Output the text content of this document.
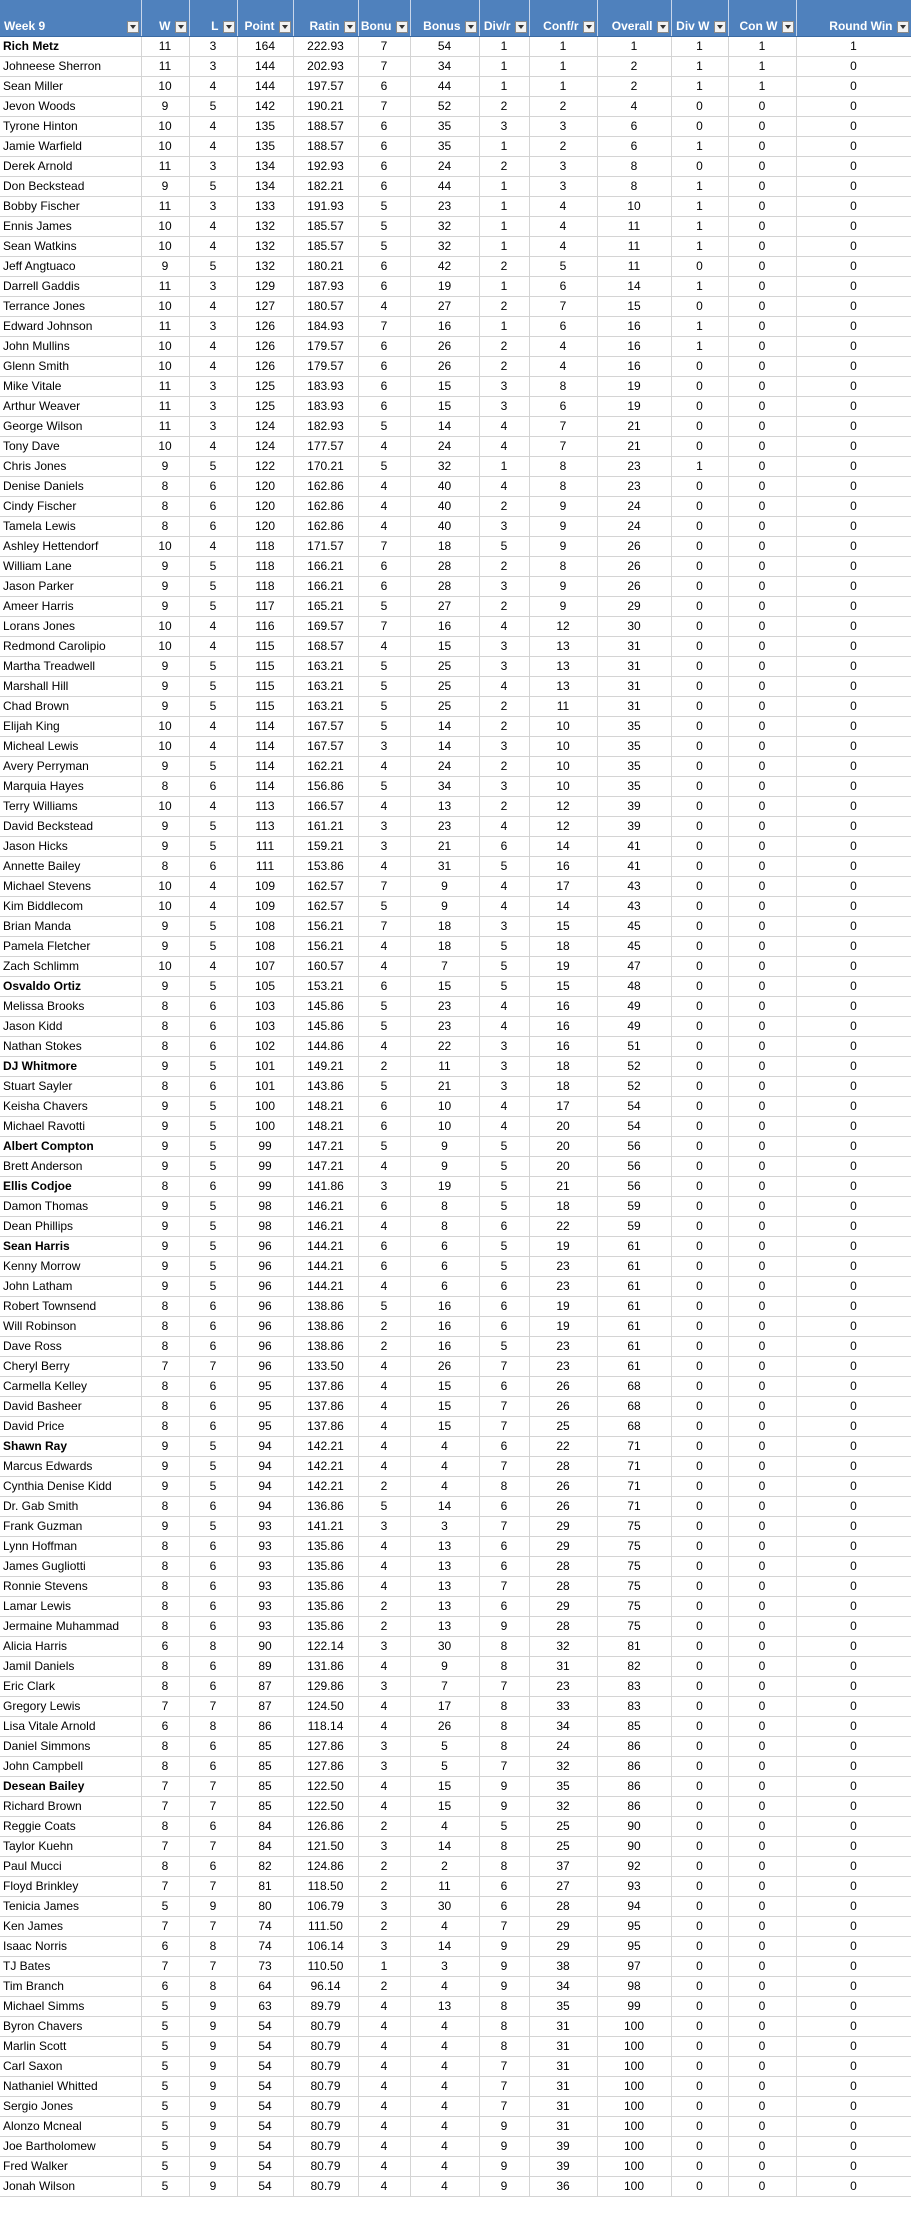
Week 9	W	L	Point	Ratin	Bonu	Bonus	Div/r	Conf/r	Overall	Div W	Con W	Round Win

Rich Metz	11	3	164	222.93	7	54	1	1	1	1	1	1
Johneese Sherron	11	3	144	202.93	7	34	1	1	2	1	1	0
Sean Miller	10	4	144	197.57	6	44	1	1	2	1	1	0
Jevon Woods	9	5	142	190.21	7	52	2	2	4	0	0	0
Tyrone Hinton	10	4	135	188.57	6	35	3	3	6	0	0	0
Jamie Warfield	10	4	135	188.57	6	35	1	2	6	1	0	0
Derek Arnold	11	3	134	192.93	6	24	2	3	8	0	0	0
Don Beckstead	9	5	134	182.21	6	44	1	3	8	1	0	0
Bobby Fischer	11	3	133	191.93	5	23	1	4	10	1	0	0
Ennis James	10	4	132	185.57	5	32	1	4	11	1	0	0
Sean Watkins	10	4	132	185.57	5	32	1	4	11	1	0	0
Jeff Angtuaco	9	5	132	180.21	6	42	2	5	11	0	0	0
Darrell Gaddis	11	3	129	187.93	6	19	1	6	14	1	0	0
Terrance Jones	10	4	127	180.57	4	27	2	7	15	0	0	0
Edward Johnson	11	3	126	184.93	7	16	1	6	16	1	0	0
John Mullins	10	4	126	179.57	6	26	2	4	16	1	0	0
Glenn Smith	10	4	126	179.57	6	26	2	4	16	0	0	0
Mike Vitale	11	3	125	183.93	6	15	3	8	19	0	0	0
Arthur Weaver	11	3	125	183.93	6	15	3	6	19	0	0	0
George Wilson	11	3	124	182.93	5	14	4	7	21	0	0	0
Tony Dave	10	4	124	177.57	4	24	4	7	21	0	0	0
Chris Jones	9	5	122	170.21	5	32	1	8	23	1	0	0
Denise Daniels	8	6	120	162.86	4	40	4	8	23	0	0	0
Cindy Fischer	8	6	120	162.86	4	40	2	9	24	0	0	0
Tamela Lewis	8	6	120	162.86	4	40	3	9	24	0	0	0
Ashley Hettendorf	10	4	118	171.57	7	18	5	9	26	0	0	0
William Lane	9	5	118	166.21	6	28	2	8	26	0	0	0
Jason Parker	9	5	118	166.21	6	28	3	9	26	0	0	0
Ameer Harris	9	5	117	165.21	5	27	2	9	29	0	0	0
Lorans Jones	10	4	116	169.57	7	16	4	12	30	0	0	0
Redmond Carolipio	10	4	115	168.57	4	15	3	13	31	0	0	0
Martha Treadwell	9	5	115	163.21	5	25	3	13	31	0	0	0
Marshall Hill	9	5	115	163.21	5	25	4	13	31	0	0	0
Chad Brown	9	5	115	163.21	5	25	2	11	31	0	0	0
Elijah King	10	4	114	167.57	5	14	2	10	35	0	0	0
Micheal Lewis	10	4	114	167.57	3	14	3	10	35	0	0	0
Avery Perryman	9	5	114	162.21	4	24	2	10	35	0	0	0
Marquia Hayes	8	6	114	156.86	5	34	3	10	35	0	0	0
Terry Williams	10	4	113	166.57	4	13	2	12	39	0	0	0
David Beckstead	9	5	113	161.21	3	23	4	12	39	0	0	0
Jason Hicks	9	5	111	159.21	3	21	6	14	41	0	0	0
Annette Bailey	8	6	111	153.86	4	31	5	16	41	0	0	0
Michael Stevens	10	4	109	162.57	7	9	4	17	43	0	0	0
Kim Biddlecom	10	4	109	162.57	5	9	4	14	43	0	0	0
Brian Manda	9	5	108	156.21	7	18	3	15	45	0	0	0
Pamela Fletcher	9	5	108	156.21	4	18	5	18	45	0	0	0
Zach Schlimm	10	4	107	160.57	4	7	5	19	47	0	0	0
Osvaldo Ortiz	9	5	105	153.21	6	15	5	15	48	0	0	0
Melissa Brooks	8	6	103	145.86	5	23	4	16	49	0	0	0
Jason Kidd	8	6	103	145.86	5	23	4	16	49	0	0	0
Nathan Stokes	8	6	102	144.86	4	22	3	16	51	0	0	0
DJ Whitmore	9	5	101	149.21	2	11	3	18	52	0	0	0
Stuart Sayler	8	6	101	143.86	5	21	3	18	52	0	0	0
Keisha Chavers	9	5	100	148.21	6	10	4	17	54	0	0	0
Michael Ravotti	9	5	100	148.21	6	10	4	20	54	0	0	0
Albert Compton	9	5	99	147.21	5	9	5	20	56	0	0	0
Brett Anderson	9	5	99	147.21	4	9	5	20	56	0	0	0
Ellis Codjoe	8	6	99	141.86	3	19	5	21	56	0	0	0
Damon Thomas	9	5	98	146.21	6	8	5	18	59	0	0	0
Dean Phillips	9	5	98	146.21	4	8	6	22	59	0	0	0
Sean Harris	9	5	96	144.21	6	6	5	19	61	0	0	0
Kenny Morrow	9	5	96	144.21	6	6	5	23	61	0	0	0
John Latham	9	5	96	144.21	4	6	6	23	61	0	0	0
Robert Townsend	8	6	96	138.86	5	16	6	19	61	0	0	0
Will Robinson	8	6	96	138.86	2	16	6	19	61	0	0	0
Dave Ross	8	6	96	138.86	2	16	5	23	61	0	0	0
Cheryl Berry	7	7	96	133.50	4	26	7	23	61	0	0	0
Carmella Kelley	8	6	95	137.86	4	15	6	26	68	0	0	0
David Basheer	8	6	95	137.86	4	15	7	26	68	0	0	0
David Price	8	6	95	137.86	4	15	7	25	68	0	0	0
Shawn Ray	9	5	94	142.21	4	4	6	22	71	0	0	0
Marcus Edwards	9	5	94	142.21	4	4	7	28	71	0	0	0
Cynthia Denise Kidd	9	5	94	142.21	2	4	8	26	71	0	0	0
Dr. Gab Smith	8	6	94	136.86	5	14	6	26	71	0	0	0
Frank Guzman	9	5	93	141.21	3	3	7	29	75	0	0	0
Lynn Hoffman	8	6	93	135.86	4	13	6	29	75	0	0	0
James Gugliotti	8	6	93	135.86	4	13	6	28	75	0	0	0
Ronnie Stevens	8	6	93	135.86	4	13	7	28	75	0	0	0
Lamar Lewis	8	6	93	135.86	2	13	6	29	75	0	0	0
Jermaine Muhammad	8	6	93	135.86	2	13	9	28	75	0	0	0
Alicia Harris	6	8	90	122.14	3	30	8	32	81	0	0	0
Jamil Daniels	8	6	89	131.86	4	9	8	31	82	0	0	0
Eric Clark	8	6	87	129.86	3	7	7	23	83	0	0	0
Gregory Lewis	7	7	87	124.50	4	17	8	33	83	0	0	0
Lisa Vitale Arnold	6	8	86	118.14	4	26	8	34	85	0	0	0
Daniel Simmons	8	6	85	127.86	3	5	8	24	86	0	0	0
John Campbell	8	6	85	127.86	3	5	7	32	86	0	0	0
Desean Bailey	7	7	85	122.50	4	15	9	35	86	0	0	0
Richard Brown	7	7	85	122.50	4	15	9	32	86	0	0	0
Reggie Coats	8	6	84	126.86	2	4	5	25	90	0	0	0
Taylor Kuehn	7	7	84	121.50	3	14	8	25	90	0	0	0
Paul Mucci	8	6	82	124.86	2	2	8	37	92	0	0	0
Floyd Brinkley	7	7	81	118.50	2	11	6	27	93	0	0	0
Tenicia James	5	9	80	106.79	3	30	6	28	94	0	0	0
Ken James	7	7	74	111.50	2	4	7	29	95	0	0	0
Isaac Norris	6	8	74	106.14	3	14	9	29	95	0	0	0
TJ Bates	7	7	73	110.50	1	3	9	38	97	0	0	0
Tim Branch	6	8	64	96.14	2	4	9	34	98	0	0	0
Michael Simms	5	9	63	89.79	4	13	8	35	99	0	0	0
Byron Chavers	5	9	54	80.79	4	4	8	31	100	0	0	0
Marlin Scott	5	9	54	80.79	4	4	8	31	100	0	0	0
Carl Saxon	5	9	54	80.79	4	4	7	31	100	0	0	0
Nathaniel Whitted	5	9	54	80.79	4	4	7	31	100	0	0	0
Sergio Jones	5	9	54	80.79	4	4	7	31	100	0	0	0
Alonzo Mcneal	5	9	54	80.79	4	4	9	31	100	0	0	0
Joe Bartholomew	5	9	54	80.79	4	4	9	39	100	0	0	0
Fred Walker	5	9	54	80.79	4	4	9	39	100	0	0	0
Jonah Wilson	5	9	54	80.79	4	4	9	36	100	0	0	0
